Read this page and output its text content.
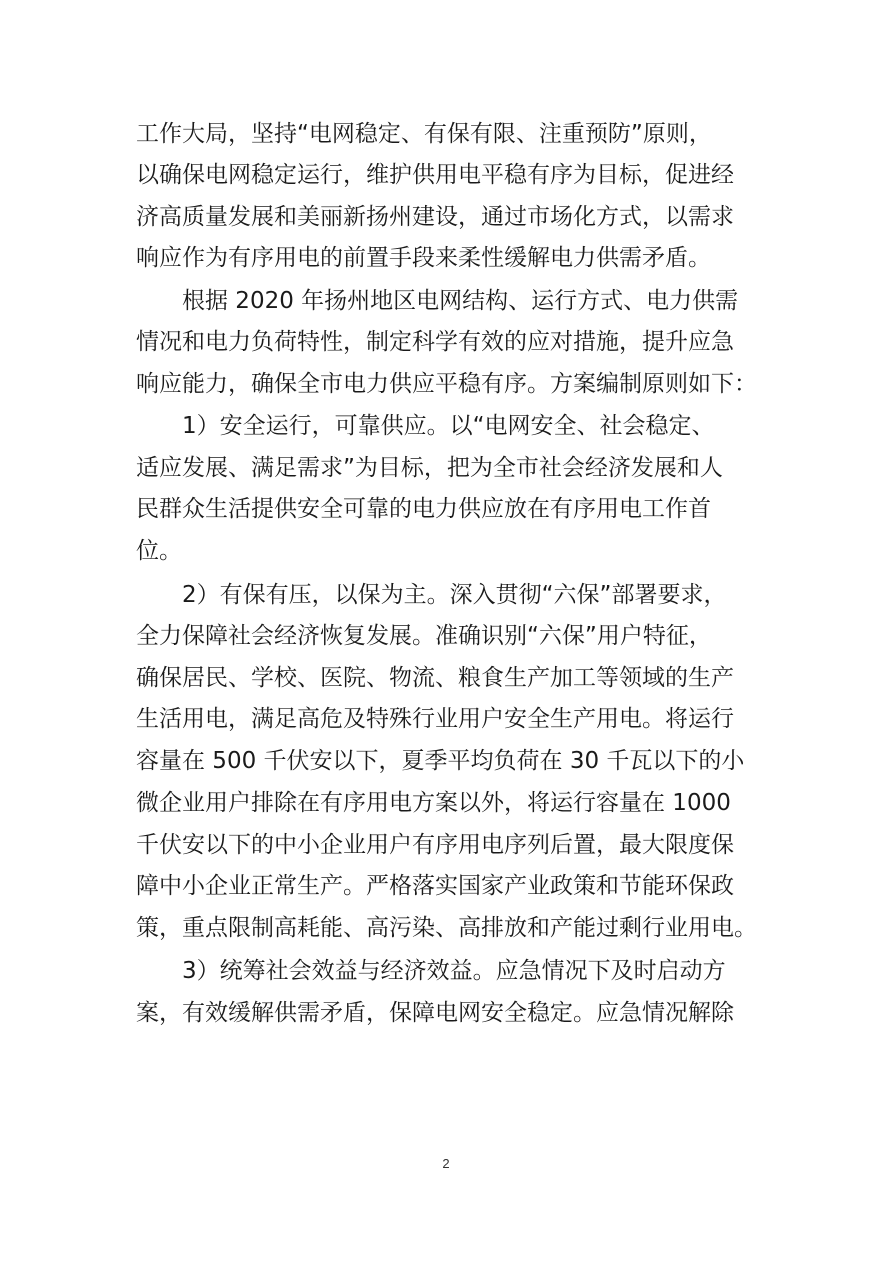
工作大局，坚持“电网稳定、有保有限、注重预防”原则，
以确保电网稳定运行，维护供用电平稳有序为目标，促进经
济高质量发展和美丽新扬州建设，通过市场化方式，以需求
响应作为有序用电的前置手段来柔性缓解电力供需矛盾。
根据 2020 年扬州地区电网结构、运行方式、电力供需
情况和电力负荷特性，制定科学有效的应对措施，提升应急
响应能力，确保全市电力供应平稳有序。方案编制原则如下：
1）安全运行，可靠供应。以“电网安全、社会稳定、
适应发展、满足需求”为目标，把为全市社会经济发展和人
民群众生活提供安全可靠的电力供应放在有序用电工作首
位。
2）有保有压，以保为主。深入贯彻“六保”部署要求，
全力保障社会经济恢复发展。准确识别“六保”用户特征，
确保居民、学校、医院、物流、粮食生产加工等领域的生产
生活用电，满足高危及特殊行业用户安全生产用电。将运行
容量在 500 千伏安以下，夏季平均负荷在 30 千瓦以下的小
微企业用户排除在有序用电方案以外，将运行容量在 1000
千伏安以下的中小企业用户有序用电序列后置，最大限度保
障中小企业正常生产。严格落实国家产业政策和节能环保政
策，重点限制高耗能、高污染、高排放和产能过剩行业用电。
3）统筹社会效益与经济效益。应急情况下及时启动方
案，有效缓解供需矛盾，保障电网安全稳定。应急情况解除
2
